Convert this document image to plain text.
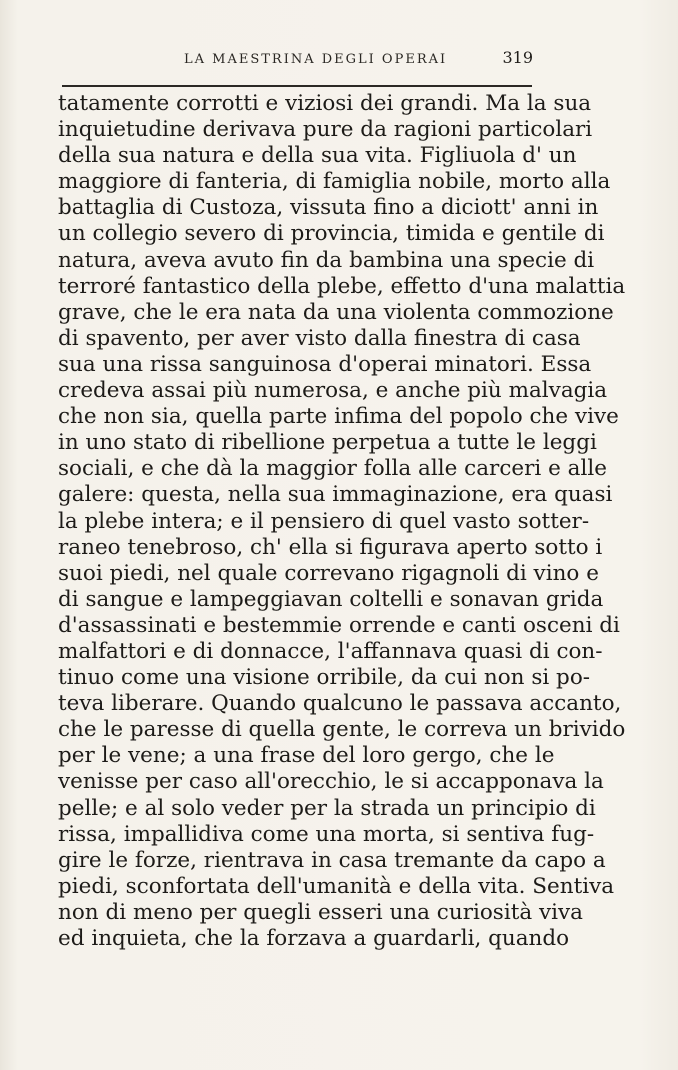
LA MAESTRINA DEGLI OPERAI	319
tatamente corrotti e viziosi dei grandi. Ma la sua
inquietudine derivava pure da ragioni particolari
della sua natura e della sua vita. Figliuola d' un
maggiore di fanteria, di famiglia nobile, morto alla
battaglia di Custoza, vissuta fino a diciott' anni in
un collegio severo di provincia, timida e gentile di
natura, aveva avuto fin da bambina una specie di
terroré fantastico della plebe, effetto d'una malattia
grave, che le era nata da una violenta commozione
di spavento, per aver visto dalla finestra di casa
sua una rissa sanguinosa d'operai minatori. Essa
credeva assai più numerosa, e anche più malvagia
che non sia, quella parte infima del popolo che vive
in uno stato di ribellione perpetua a tutte le leggi
sociali, e che dà la maggior folla alle carceri e alle
galere: questa, nella sua immaginazione, era quasi
la plebe intera; e il pensiero di quel vasto sotter-
raneo tenebroso, ch' ella si figurava aperto sotto i
suoi piedi, nel quale correvano rigagnoli di vino e
di sangue e lampeggiavan coltelli e sonavan grida
d'assassinati e bestemmie orrende e canti osceni di
malfattori e di donnacce, l'affannava quasi di con-
tinuo come una visione orribile, da cui non si po-
teva liberare. Quando qualcuno le passava accanto,
che le paresse di quella gente, le correva un brivido
per le vene; a una frase del loro gergo, che le
venisse per caso all'orecchio, le si accapponava la
pelle; e al solo veder per la strada un principio di
rissa, impallidiva come una morta, si sentiva fug-
gire le forze, rientrava in casa tremante da capo a
piedi, sconfortata dell'umanità e della vita. Sentiva
non di meno per quegli esseri una curiosità viva
ed inquieta, che la forzava a guardarli, quando
